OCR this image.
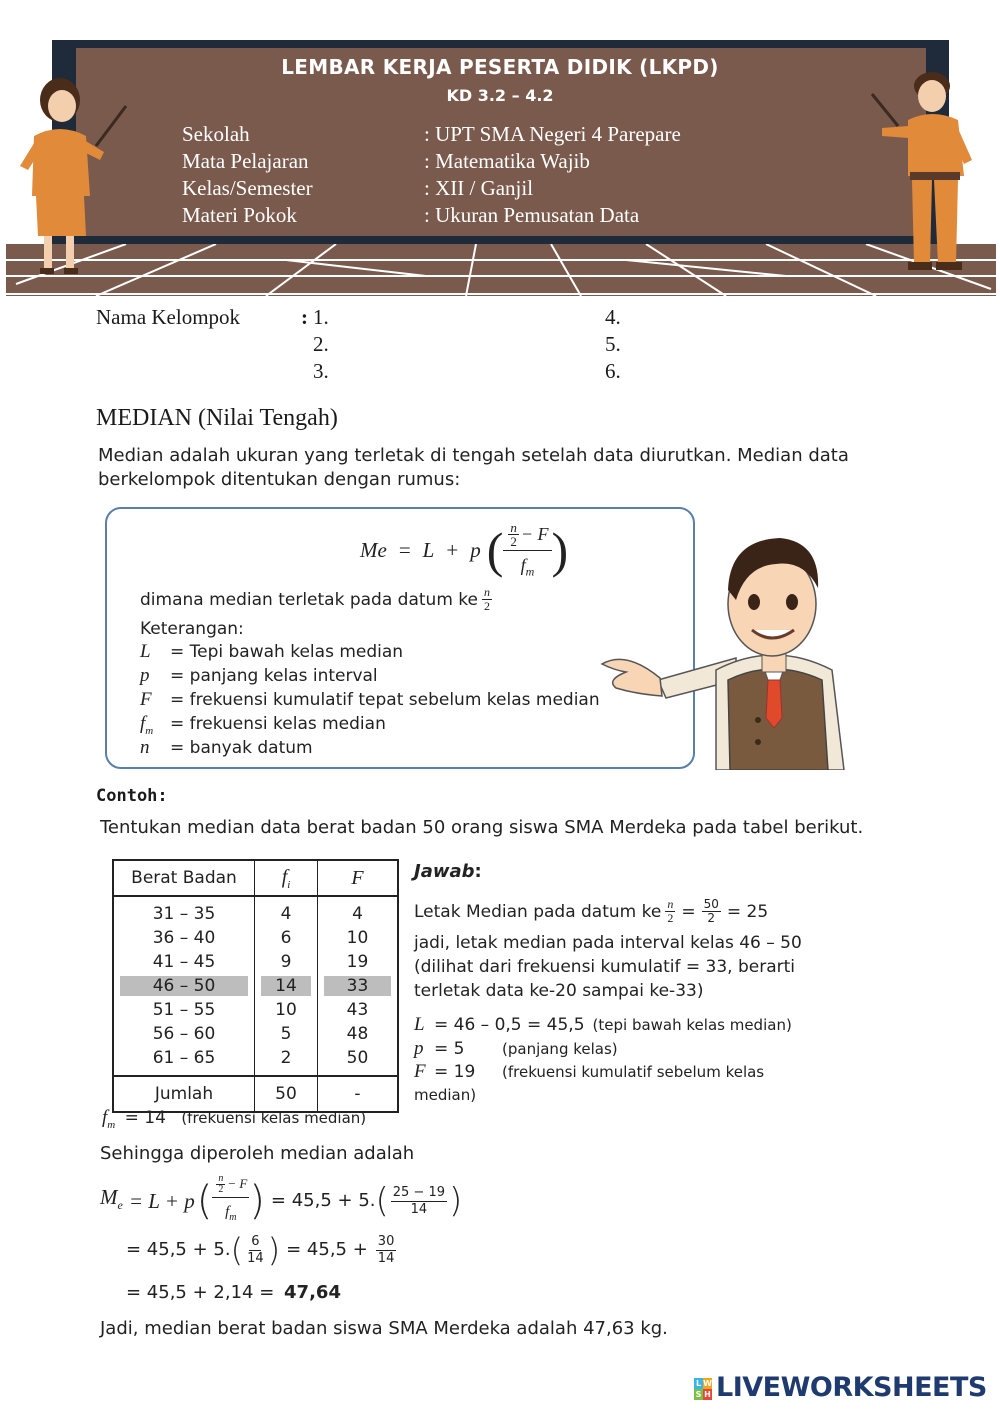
LEMBAR KERJA PESERTA DIDIK (LKPD)
KD 3.2 – 4.2
Sekolah	: UPT SMA Negeri 4 Parepare
Mata Pelajaran	: Matematika Wajib
Kelas/Semester	: XII / Ganjil
Materi Pokok	: Ukuran Pemusatan Data
Nama Kelompok	: 1.
2.
3.
4.
5.
6.
MEDIAN (Nilai Tengah)
Median adalah ukuran yang terletak di tengah setelah data diurutkan. Median data
berkelompok ditentukan dengan rumus:
Me = L + p ( $\frac{n}{2} - F$
$f_m$ )
dimana median terletak pada datum ke $\frac{n}{2}$
Keterangan:
L = Tepi bawah kelas median
p = panjang kelas interval
F = frekuensi kumulatif tepat sebelum kelas median
$f_m$ = frekuensi kelas median
n = banyak datum
Contoh:
Tentukan median data berat badan 50 orang siswa SMA Merdeka pada tabel berikut.
Berat Badan	$f_i$	F

31 – 35	4	4
36 – 40	6	10
41 – 45	9	19

46 – 50	14	33

51 – 55	10	43
56 – 60	5	48
61 – 65	2	50

Jumlah	50	-
Jawab:
Letak Median pada datum ke $\frac{n}{2} = \frac{50}{2} = 25$
jadi, letak median pada interval kelas 46 – 50
(dilihat dari frekuensi kumulatif = 33, berarti
terletak data ke-20 sampai ke-33)
L = 46 – 0,5 = 45,5 (tepi bawah kelas median)
p = 5	(panjang kelas)
F = 19 (frekuensi kumulatif sebelum kelas
median)
$f_m = 14$ (frekuensi kelas median)
Sehingga diperoleh median adalah
$M_e = L + p$ ( $\frac{n}{2} - F$
$f_m$ ) = 45,5 + 5. ( $\frac{25 - 19}{14}$ )
= 45,5 + 5. ( $\frac{6}{14}$ ) = $45,5 + \frac{30}{14}$
= 45,5 + 2,14 = 47,64
Jadi, median berat badan siswa SMA Merdeka adalah 47,63 kg.
L W
S H LIVEWORKSHEETS
